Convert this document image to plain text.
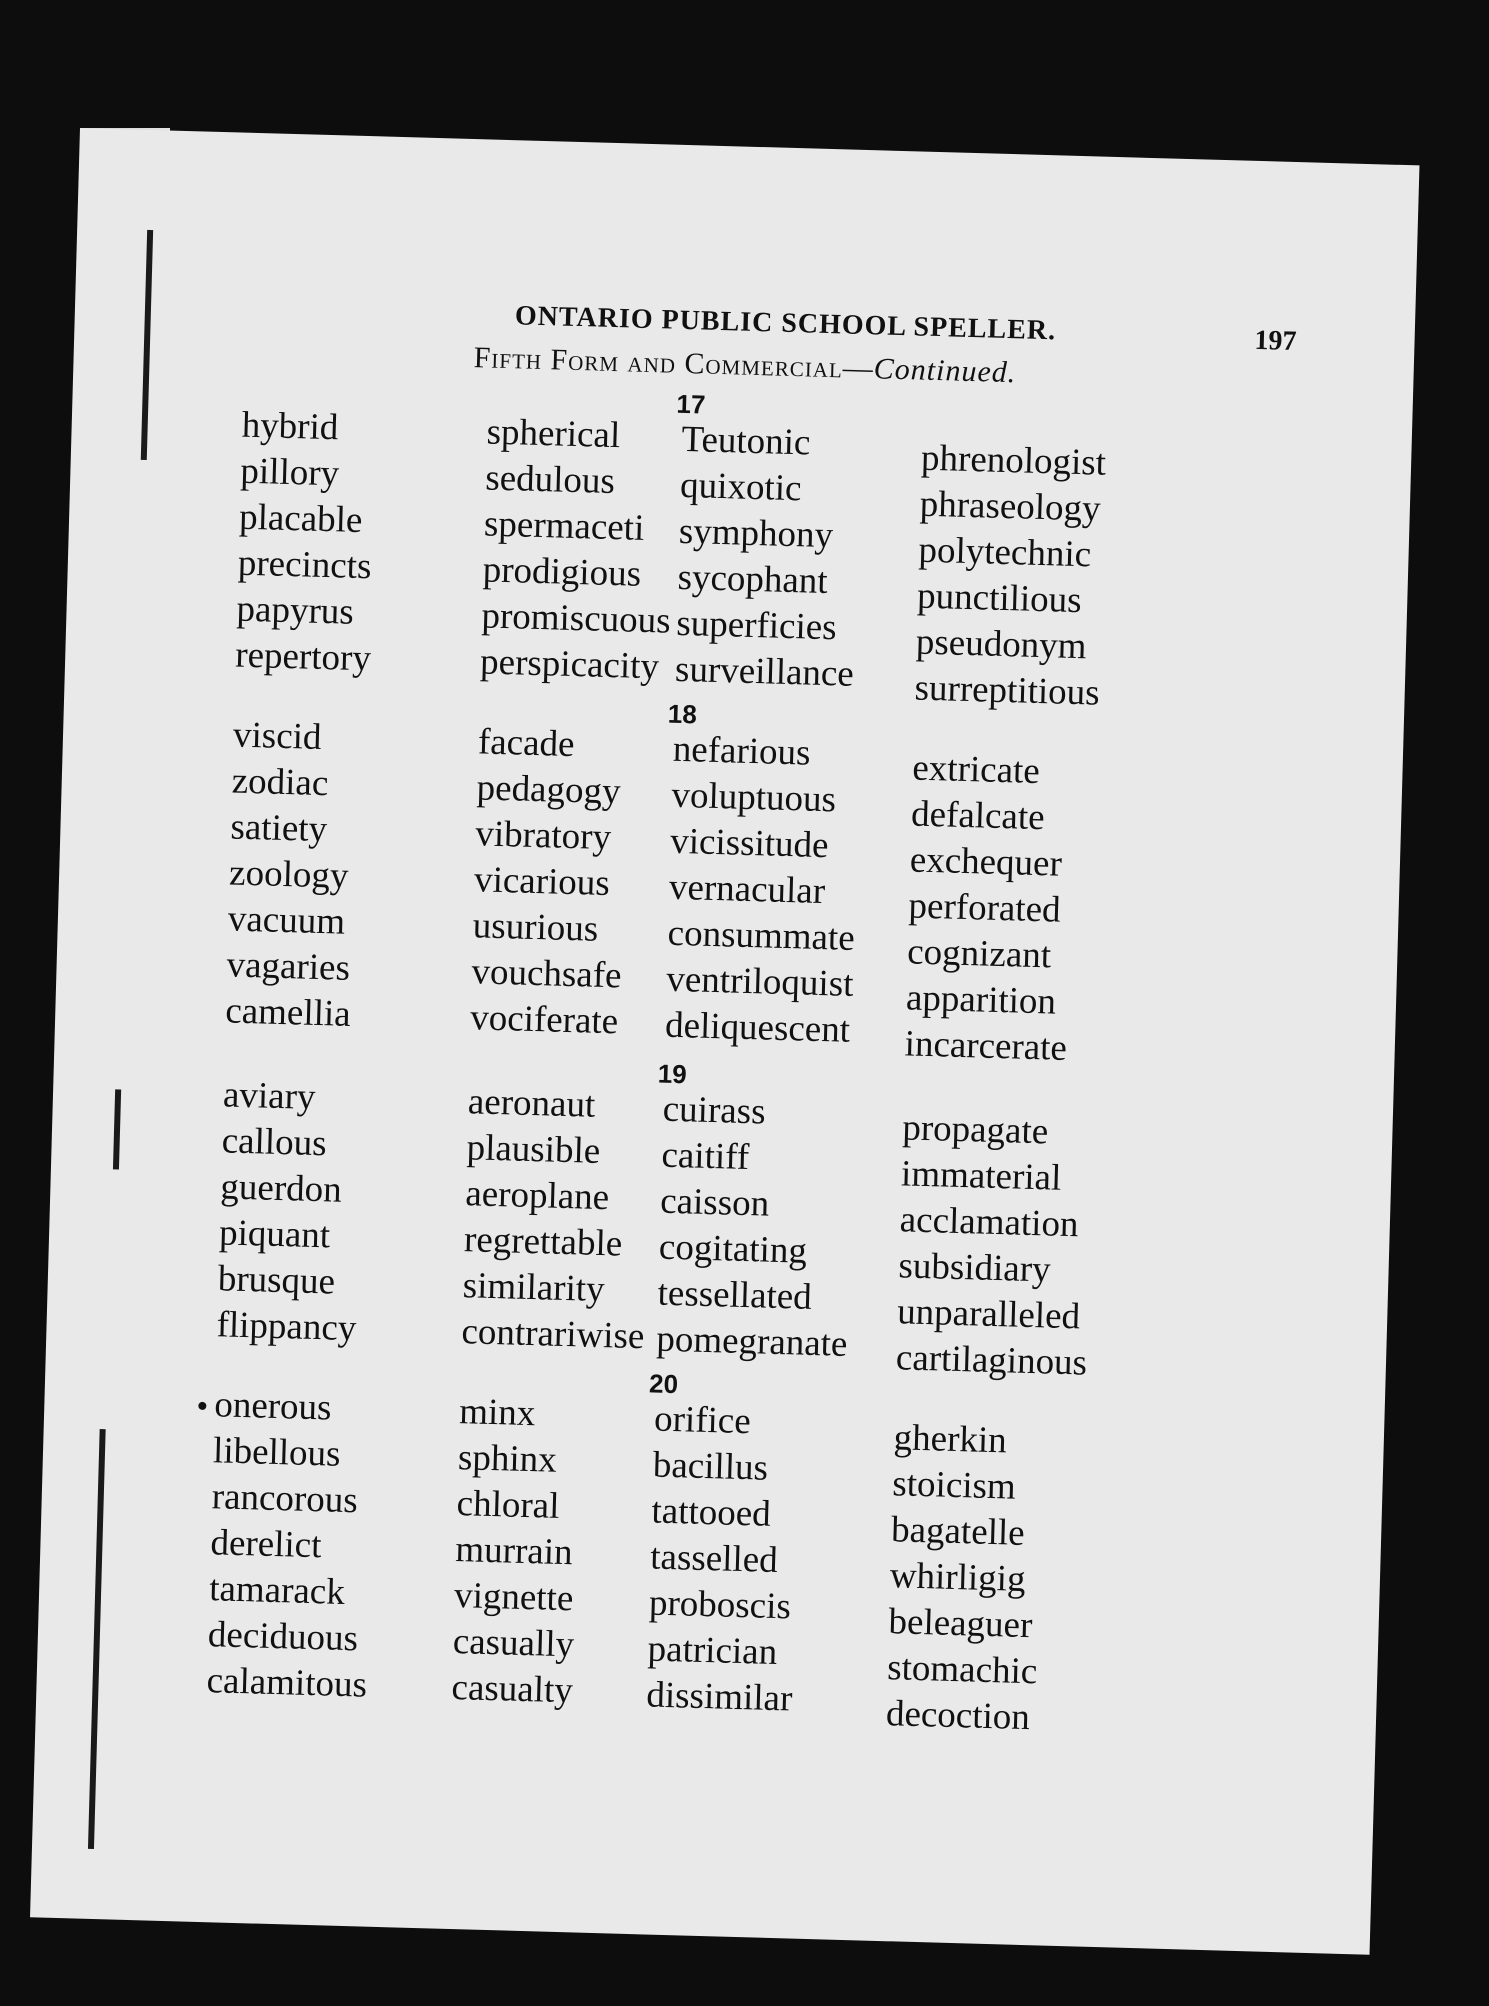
ONTARIO PUBLIC SCHOOL SPELLER.	197
Fifth Form and Commercial—Continued.
17
hybrid
pillory
placable
precincts
papyrus
repertory
spherical
sedulous
spermaceti
prodigious
promiscuous
perspicacity
Teutonic
quixotic
symphony
sycophant
superficies
surveillance
phrenologist
phraseology
polytechnic
punctilious
pseudonym
surreptitious
18
viscid
zodiac
satiety
zoology
vacuum
vagaries
camellia
facade
pedagogy
vibratory
vicarious
usurious
vouchsafe
vociferate
nefarious
voluptuous
vicissitude
vernacular
consummate
ventriloquist
deliquescent
extricate
defalcate
exchequer
perforated
cognizant
apparition
incarcerate
19
aviary
callous
guerdon
piquant
brusque
flippancy
aeronaut
plausible
aeroplane
regrettable
similarity
contrariwise
cuirass
caitiff
caisson
cogitating
tessellated
pomegranate
propagate
immaterial
acclamation
subsidiary
unparalleled
cartilaginous
20
onerous
libellous
rancorous
derelict
tamarack
deciduous
calamitous
minx
sphinx
chloral
murrain
vignette
casually
casualty
orifice
bacillus
tattooed
tasselled
proboscis
patrician
dissimilar
gherkin
stoicism
bagatelle
whirligig
beleaguer
stomachic
decoction
